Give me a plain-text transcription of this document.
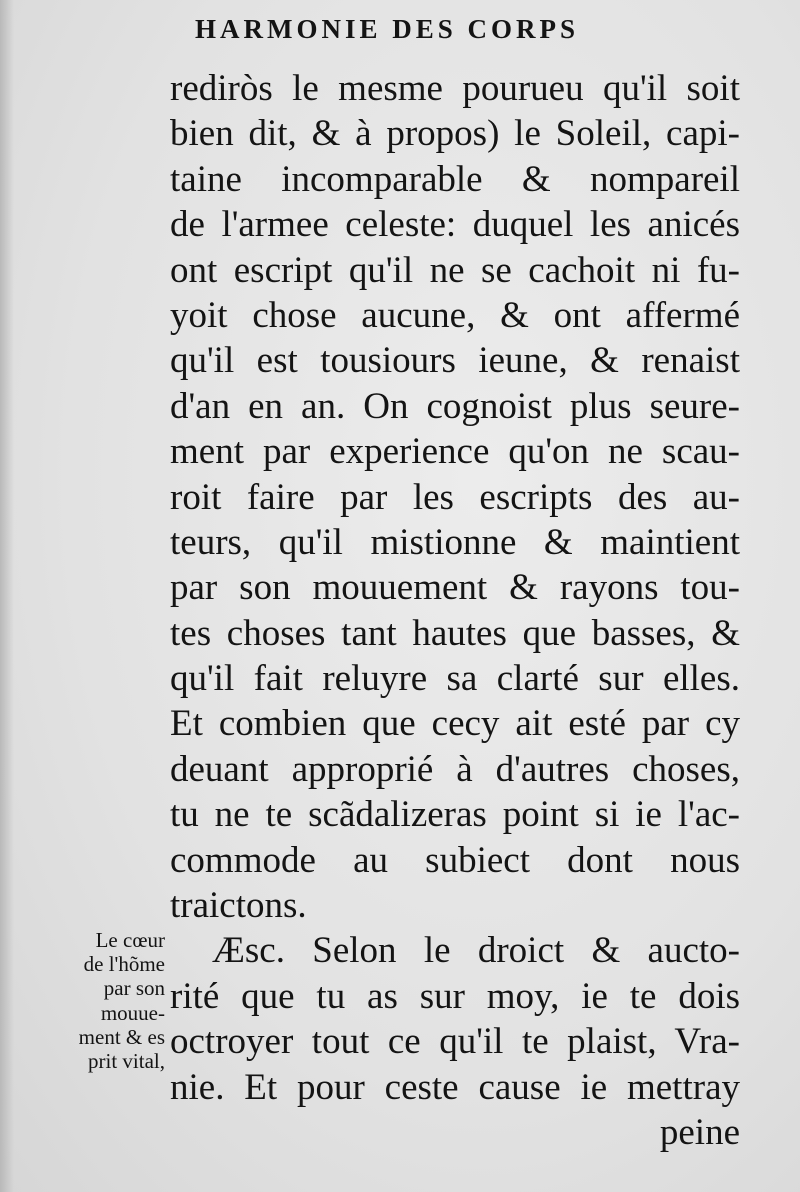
HARMONIE DES CORPS
rediròs le mesme pourueu qu'il soit
bien dit, & à propos) le Soleil, capi-
taine incomparable & nompareil
de l'armee celeste: duquel les anicés
ont escript qu'il ne se cachoit ni fu-
yoit chose aucune, & ont affermé
qu'il est tousiours ieune, & renaist
d'an en an. On cognoist plus seure-
ment par experience qu'on ne scau-
roit faire par les escripts des au-
teurs, qu'il mistionne & maintient
par son mouuement & rayons tou-
tes choses tant hautes que basses, &
qu'il fait reluyre sa clarté sur elles.
Et combien que cecy ait esté par cy
deuant approprié à d'autres choses,
tu ne te scãdalizeras point si ie l'ac-
commode au subiect dont nous
traictons.
Æsc. Selon le droict & aucto-
rité que tu as sur moy, ie te dois
octroyer tout ce qu'il te plaist, Vra-
nie. Et pour ceste cause ie mettray
peine
Le cœur
de l'hõme
par son
mouue-
ment & es
prit vital,
